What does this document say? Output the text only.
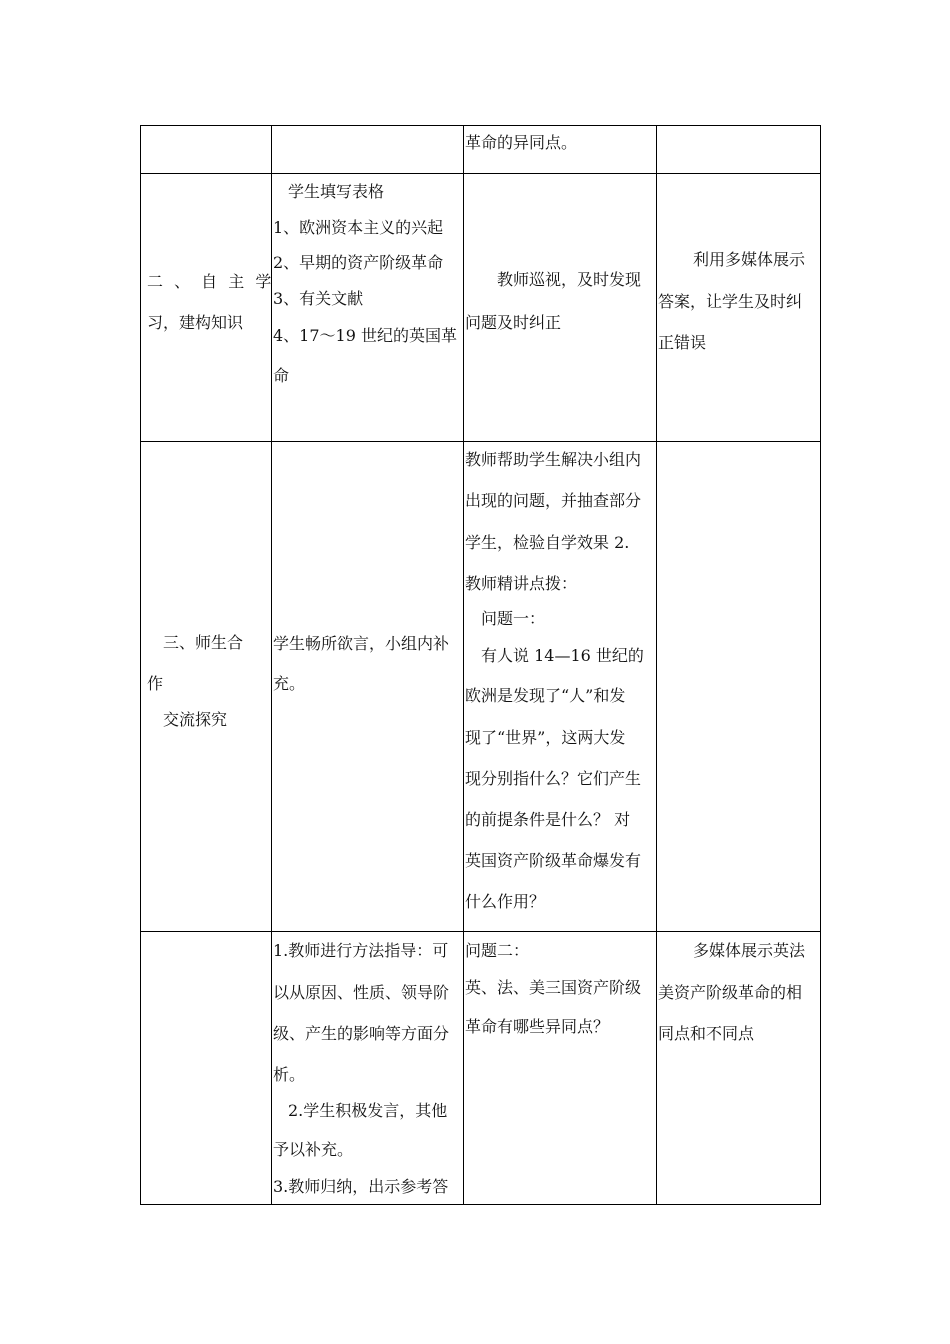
革命的异同点。
二 、 自 主 学
习，建构知识
学生填写表格
1、欧洲资本主义的兴起
2、早期的资产阶级革命
3、有关文献
4、17～19 世纪的英国革
命
教师巡视，及时发现
问题及时纠正
利用多媒体展示
答案，让学生及时纠
正错误
三、师生合
作
交流探究
学生畅所欲言，小组内补
充。
教师帮助学生解决小组内
出现的问题，并抽查部分
学生，检验自学效果 2.
教师精讲点拨：
问题一：
有人说 14—16 世纪的
欧洲是发现了“人”和发
现了“世界”，这两大发
现分别指什么？它们产生
的前提条件是什么？ 对
英国资产阶级革命爆发有
什么作用？
1.教师进行方法指导：可
以从原因、性质、领导阶
级、产生的影响等方面分
析。
2.学生积极发言，其他
予以补充。
3.教师归纳，出示参考答
问题二：
英、法、美三国资产阶级
革命有哪些异同点？
多媒体展示英法
美资产阶级革命的相
同点和不同点
